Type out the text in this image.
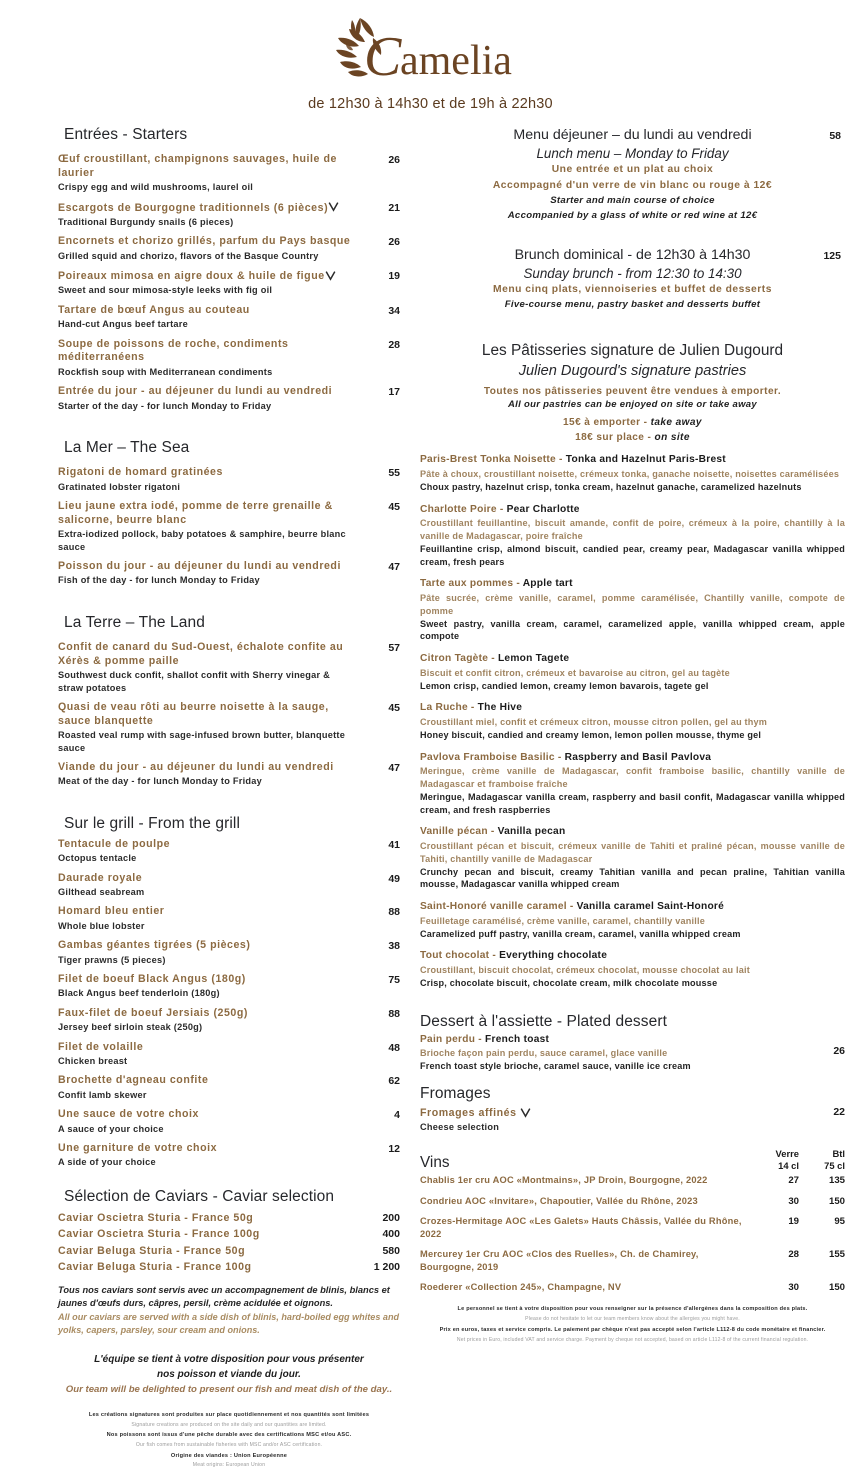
C
amelia
de 12h30 à 14h30 et de 19h à 22h30
Entrées - Starters
Œuf croustillant, champignons sauvages, huile de laurier
Crispy egg and wild mushrooms, laurel oil
26
Escargots de Bourgogne traditionnels (6 pièces)
Traditional Burgundy snails (6 pieces)
21
Encornets et chorizo grillés, parfum du Pays basque
Grilled squid and chorizo, flavors of the Basque Country
26
Poireaux mimosa en aigre doux & huile de figue
Sweet and sour mimosa-style leeks with fig oil
19
Tartare de bœuf Angus au couteau
Hand-cut Angus beef tartare
34
Soupe de poissons de roche, condiments méditerranéens
Rockfish soup with Mediterranean condiments
28
Entrée du jour - au déjeuner du lundi au vendredi
Starter of the day - for lunch Monday to Friday
17
La Mer – The Sea
Rigatoni de homard gratinées
Gratinated lobster rigatoni
55
Lieu jaune extra iodé, pomme de terre grenaille & salicorne, beurre blanc
Extra-iodized pollock, baby potatoes & samphire, beurre blanc sauce
45
Poisson du jour - au déjeuner du lundi au vendredi
Fish of the day - for lunch Monday to Friday
47
La Terre – The Land
Confit de canard du Sud-Ouest, échalote confite au Xérès & pomme paille
Southwest duck confit, shallot confit with Sherry vinegar & straw potatoes
57
Quasi de veau rôti au beurre noisette à la sauge, sauce blanquette
Roasted veal rump with sage-infused brown butter, blanquette sauce
45
Viande du jour - au déjeuner du lundi au vendredi
Meat of the day - for lunch Monday to Friday
47
Sur le grill - From the grill
Tentacule de poulpe
Octopus tentacle
41
Daurade royale
Gilthead seabream
49
Homard bleu entier
Whole blue lobster
88
Gambas géantes tigrées (5 pièces)
Tiger prawns (5 pieces)
38
Filet de boeuf Black Angus (180g)
Black Angus beef tenderloin (180g)
75
Faux-filet de boeuf Jersiais (250g)
Jersey beef sirloin steak (250g)
88
Filet de volaille
Chicken breast
48
Brochette d'agneau confite
Confit lamb skewer
62
Une sauce de votre choix
A sauce of your choice
4
Une garniture de votre choix
A side of your choice
12
Sélection de Caviars - Caviar selection
Caviar Oscietra Sturia - France 50g	200
Caviar Oscietra Sturia - France 100g	400
Caviar Beluga Sturia - France 50g	580
Caviar Beluga Sturia - France 100g	1 200
Tous nos caviars sont servis avec un accompagnement de blinis, blancs et jaunes d'œufs durs, câpres, persil, crème acidulée et oignons.
All our caviars are served with a side dish of blinis, hard-boiled egg whites and yolks, capers, parsley, sour cream and onions.
L'équipe se tient à votre disposition pour vous présenter
nos poisson et viande du jour.
Our team will be delighted to present our fish and meat dish of the day..
Les créations signatures sont produites sur place quotidiennement et nos quantités sont limitées
Signature creations are produced on the site daily and our quantities are limited.
Nos poissons sont issus d'une pêche durable avec des certifications MSC et/ou ASC.
Our fish comes from sustainable fisheries with MSC and/or ASC certification.
Origine des viandes : Union Européenne
Meat origins: European Union
58
Menu déjeuner – du lundi au vendredi
Lunch menu – Monday to Friday
Une entrée et un plat au choix
Accompagné d'un verre de vin blanc ou rouge à 12€
Starter and main course of choice
Accompanied by a glass of white or red wine at 12€
125
Brunch dominical - de 12h30 à 14h30
Sunday brunch - from 12:30 to 14:30
Menu cinq plats, viennoiseries et buffet de desserts
Five-course menu, pastry basket and desserts buffet
Les Pâtisseries signature de Julien Dugourd
Julien Dugourd's signature pastries
Toutes nos pâtisseries peuvent être vendues à emporter.
All our pastries can be enjoyed on site or take away
15€ à emporter - take away
18€ sur place - on site
Paris-Brest Tonka Noisette - Tonka and Hazelnut Paris-Brest
Pâte à choux, croustillant noisette, crémeux tonka, ganache noisette, noisettes caramélisées
Choux pastry, hazelnut crisp, tonka cream, hazelnut ganache, caramelized hazelnuts
Charlotte Poire - Pear Charlotte
Croustillant feuillantine, biscuit amande, confit de poire, crémeux à la poire, chantilly à la vanille de Madagascar, poire fraîche
Feuillantine crisp, almond biscuit, candied pear, creamy pear, Madagascar vanilla whipped cream, fresh pears
Tarte aux pommes - Apple tart
Pâte sucrée, crème vanille, caramel, pomme caramélisée, Chantilly vanille, compote de pomme
Sweet pastry, vanilla cream, caramel, caramelized apple, vanilla whipped cream, apple compote
Citron Tagète - Lemon Tagete
Biscuit et confit citron, crémeux et bavaroise au citron, gel au tagète
Lemon crisp, candied lemon, creamy lemon bavarois, tagete gel
La Ruche - The Hive
Croustillant miel, confit et crémeux citron, mousse citron pollen, gel au thym
Honey biscuit, candied and creamy lemon, lemon pollen mousse, thyme gel
Pavlova Framboise Basilic - Raspberry and Basil Pavlova
Meringue, crème vanille de Madagascar, confit framboise basilic, chantilly vanille de Madagascar et framboise fraîche
Meringue, Madagascar vanilla cream, raspberry and basil confit, Madagascar vanilla whipped cream, and fresh raspberries
Vanille pécan - Vanilla pecan
Croustillant pécan et biscuit, crémeux vanille de Tahiti et praliné pécan, mousse vanille de Tahiti, chantilly vanille de Madagascar
Crunchy pecan and biscuit, creamy Tahitian vanilla and pecan praline, Tahitian vanilla mousse, Madagascar vanilla whipped cream
Saint-Honoré vanille caramel - Vanilla caramel Saint-Honoré
Feuilletage caramélisé, crème vanille, caramel, chantilly vanille
Caramelized puff pastry, vanilla cream, caramel, vanilla whipped cream
Tout chocolat - Everything chocolate
Croustillant, biscuit chocolat, crémeux chocolat, mousse chocolat au lait
Crisp, chocolate biscuit, chocolate cream, milk chocolate mousse
Dessert à l'assiette - Plated dessert
Pain perdu - French toast
Brioche façon pain perdu, sauce caramel, glace vanille
French toast style brioche, caramel sauce, vanille ice cream
26
Fromages
Fromages affinés
Cheese selection
22
Vins
Verre
14 cl
Btl
75 cl
Chablis 1er cru AOC «Montmains», JP Droin, Bourgogne, 2022	27	135
Condrieu AOC «Invitare», Chapoutier, Vallée du Rhône, 2023	30	150
Crozes-Hermitage AOC «Les Galets» Hauts Châssis, Vallée du Rhône, 2022
19	95
Mercurey 1er Cru AOC «Clos des Ruelles», Ch. de Chamirey, Bourgogne, 2019
28	155
Roederer «Collection 245», Champagne, NV	30	150
Le personnel se tient à votre disposition pour vous renseigner sur la présence d'allergènes dans la composition des plats.
Please do not hesitate to let our team members know about the allergies you might have.
Prix en euros, taxes et service compris. Le paiement par chèque n'est pas accepté selon l'article L112-8 du code monétaire et financier.
Net prices in Euro, included VAT and service charge. Payment by cheque not accepted, based on article L112-8 of the current financial regulation.
